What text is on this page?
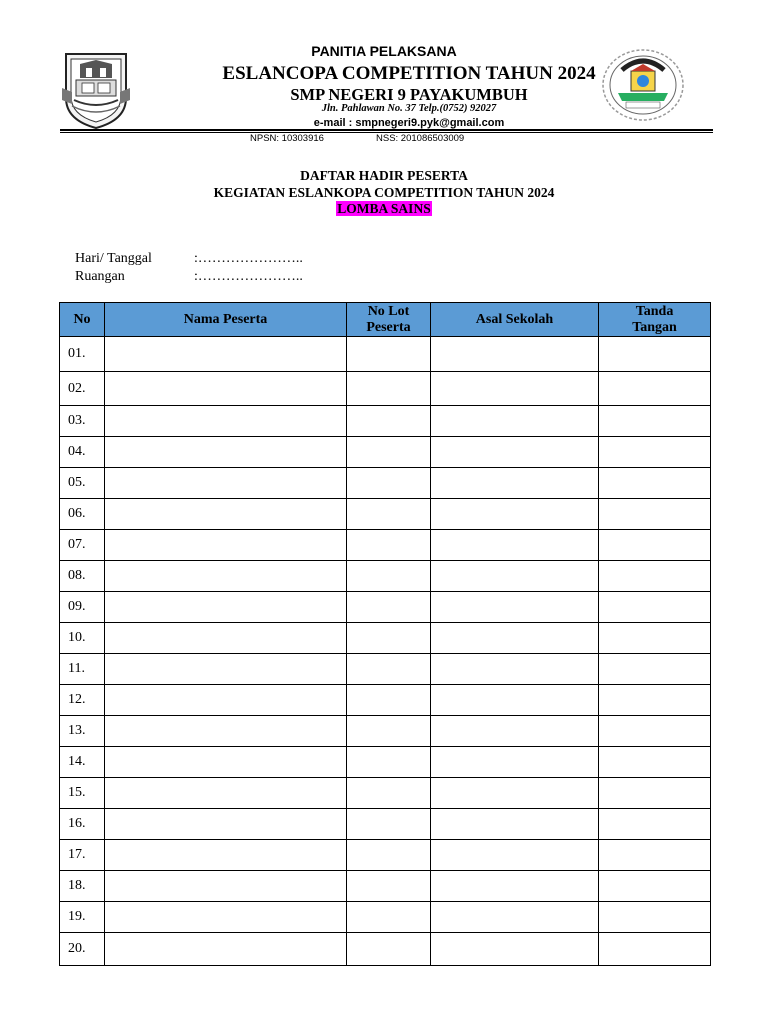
PANITIA PELAKSANA
ESLANCOPA COMPETITION TAHUN 2024
SMP NEGERI 9 PAYAKUMBUH
Jln. Pahlawan No. 37 Telp.(0752) 92027
e-mail : smpnegeri9.pyk@gmail.com
NPSN: 10303916	NSS: 201086503009
DAFTAR HADIR PESERTA
KEGIATAN ESLANKOPA COMPETITION TAHUN 2024
LOMBA SAINS
Hari/ Tanggal	:…………………..
Ruangan	:…………………..
No	Nama Peserta	No Lot Peserta	Asal Sekolah	Tanda Tangan
01.				
02.				
03.				
04.				
05.				
06.				
07.				
08.				
09.				
10.				
11.				
12.				
13.				
14.				
15.				
16.				
17.				
18.				
19.				
20.				
